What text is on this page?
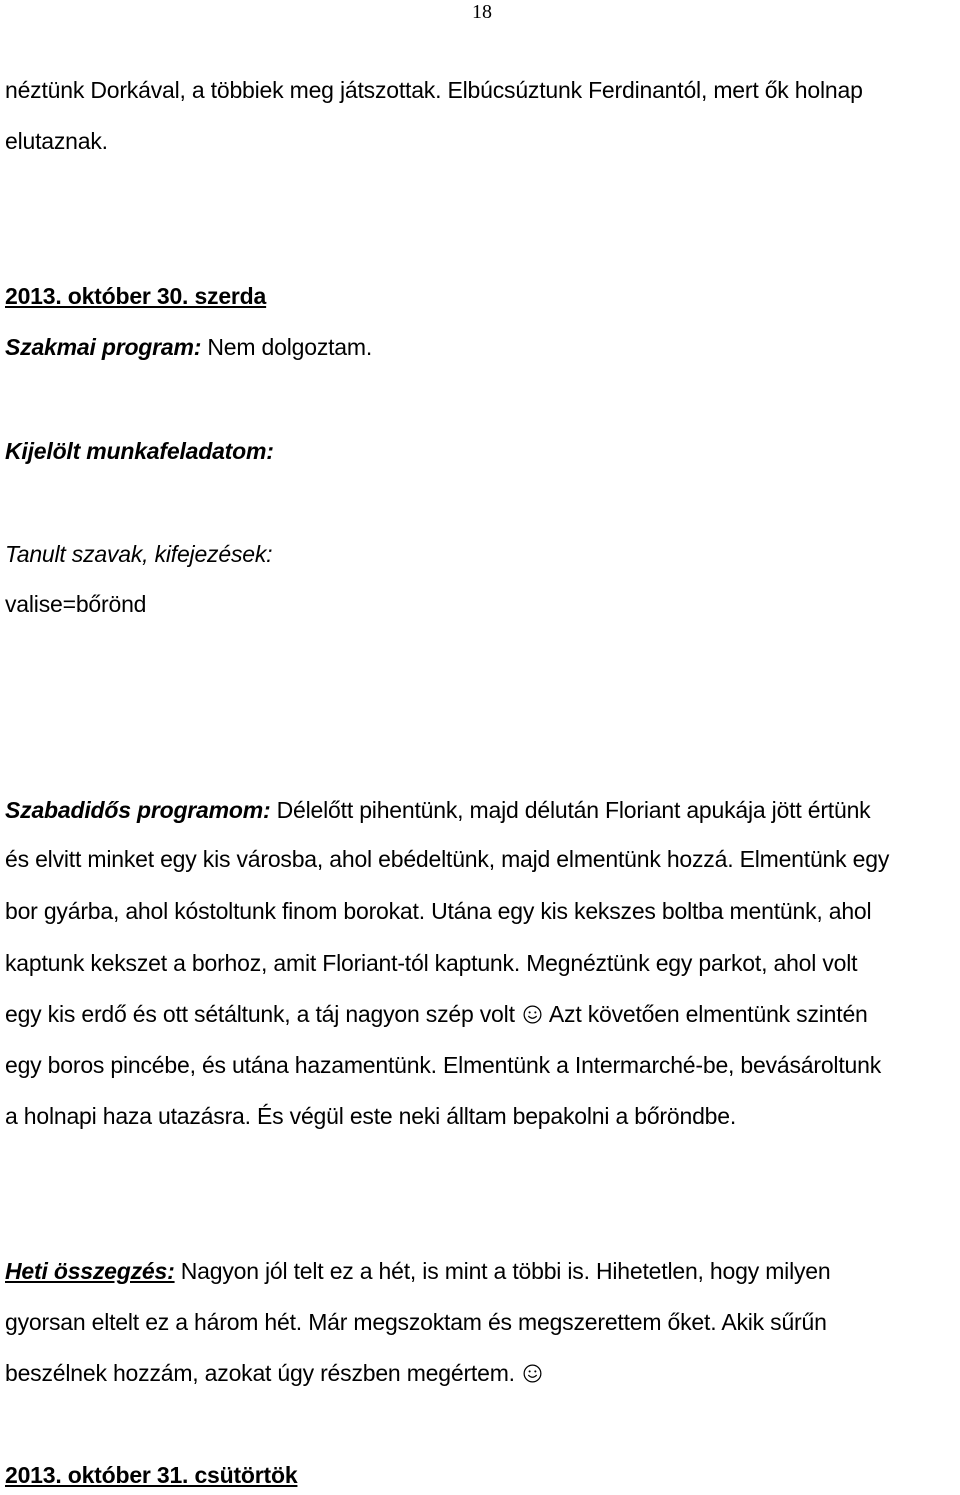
18
néztünk Dorkával, a többiek meg játszottak. Elbúcsúztunk Ferdinantól, mert ők holnap
elutaznak.
2013. október 30. szerda
Szakmai program: Nem dolgoztam.
Kijelölt munkafeladatom:
Tanult szavak, kifejezések:
valise=bőrönd
Szabadidős programom: Délelőtt pihentünk, majd délután Floriant apukája jött értünk
és elvitt minket egy kis városba, ahol ebédeltünk, majd elmentünk hozzá. Elmentünk egy
bor gyárba, ahol kóstoltunk finom borokat. Utána egy kis kekszes boltba mentünk, ahol
kaptunk kekszet a borhoz, amit Floriant-tól kaptunk. Megnéztünk egy parkot, ahol volt
egy kis erdő és ott sétáltunk, a táj nagyon szép volt Azt követően elmentünk szintén
egy boros pincébe, és utána hazamentünk. Elmentünk a Intermarché-be, bevásároltunk
a holnapi haza utazásra. És végül este neki álltam bepakolni a bőröndbe.
Heti összegzés: Nagyon jól telt ez a hét, is mint a többi is. Hihetetlen, hogy milyen
gyorsan eltelt ez a három hét. Már megszoktam és megszerettem őket. Akik sűrűn
beszélnek hozzám, azokat úgy részben megértem.
2013. október 31. csütörtök
